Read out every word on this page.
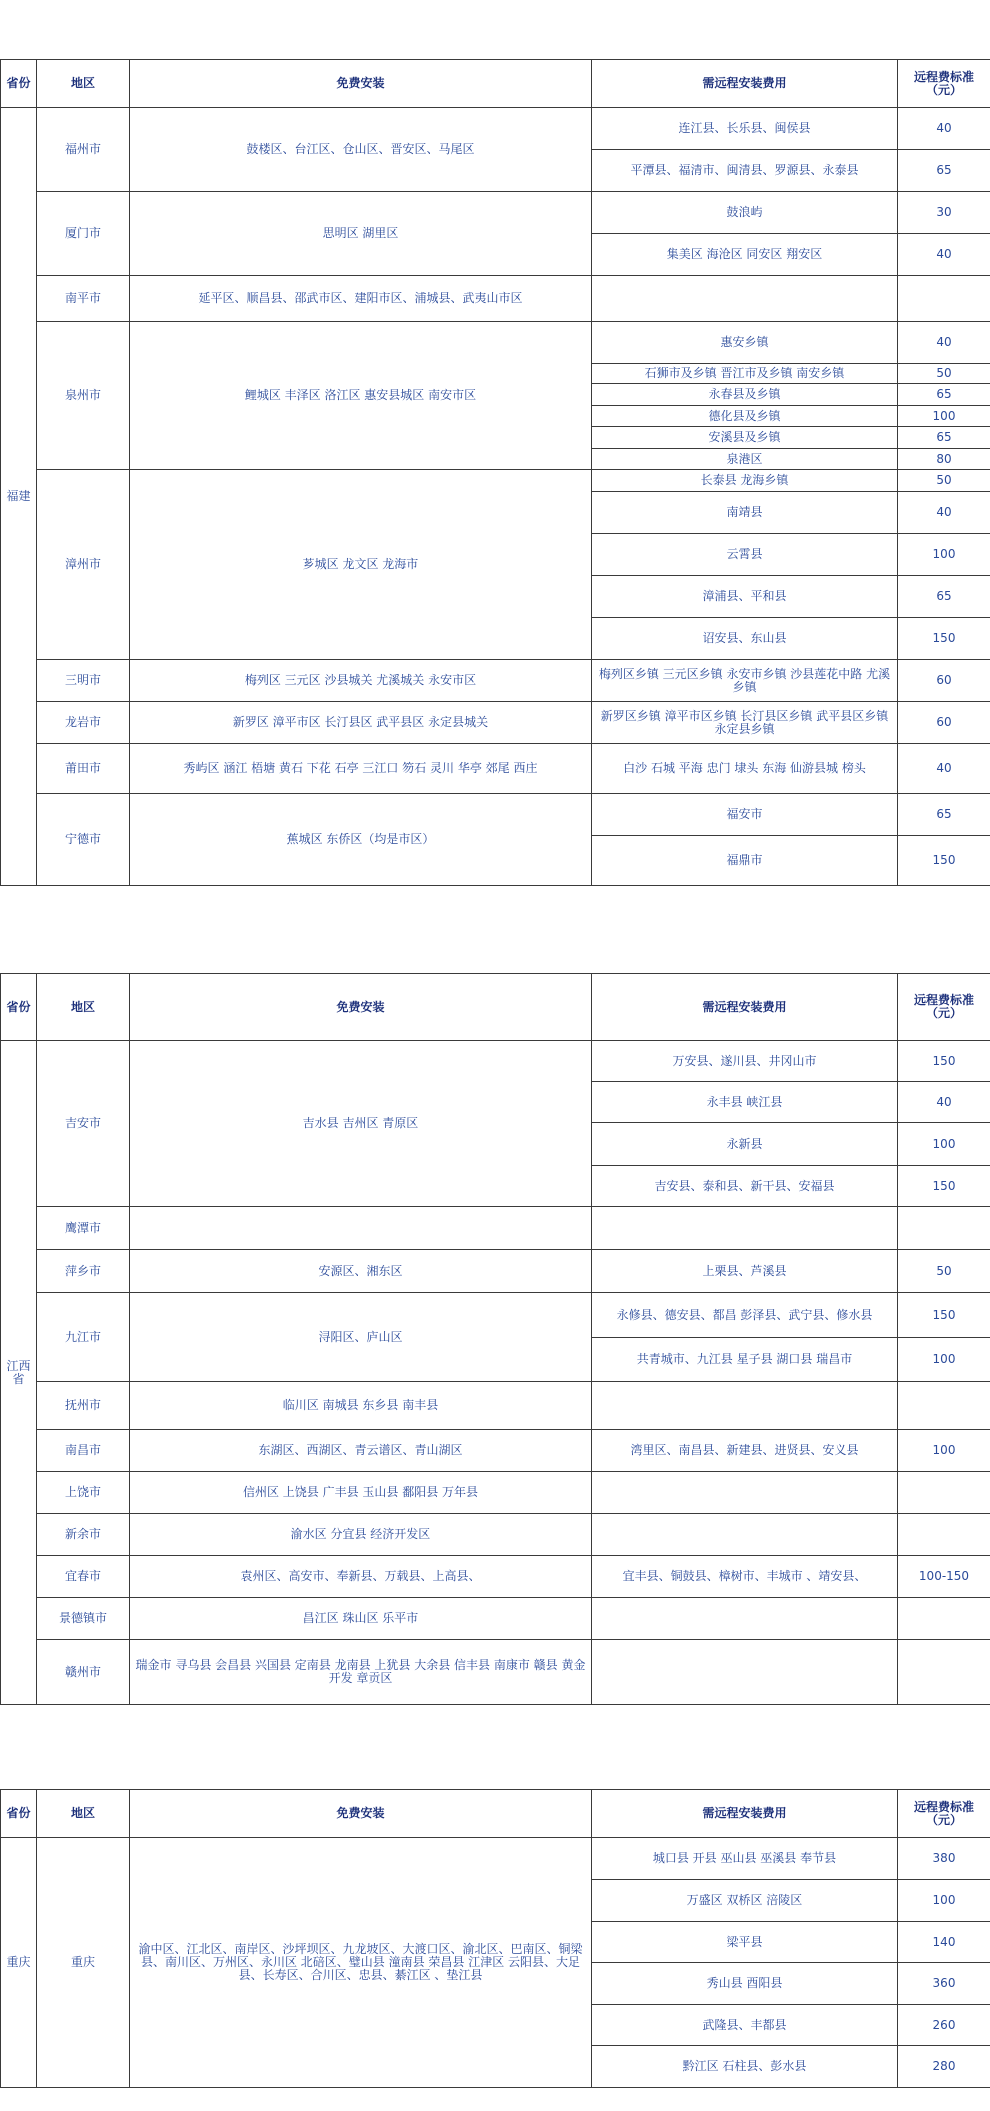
省份	地区	免费安装	需远程安装费用	远程费标准
（元）

福建	福州市	鼓楼区、台江区、仓山区、晋安区、马尾区	连江县、长乐县、闽侯县	40
			平潭县、福清市、闽清县、罗源县、永泰县	65
	厦门市	思明区 湖里区	鼓浪屿	30
			集美区 海沧区 同安区 翔安区	40
	南平市	延平区、顺昌县、邵武市区、建阳市区、浦城县、武夷山市区		
	泉州市	鲤城区 丰泽区 洛江区 惠安县城区 南安市区	惠安乡镇	40
			石狮市及乡镇 晋江市及乡镇 南安乡镇	50
			永春县及乡镇	65
			德化县及乡镇	100
			安溪县及乡镇	65
			泉港区	80
	漳州市	芗城区 龙文区 龙海市	长泰县 龙海乡镇	50
			南靖县	40
			云霄县	100
			漳浦县、平和县	65
			诏安县、东山县	150
	三明市	梅列区 三元区 沙县城关 尤溪城关 永安市区	梅列区乡镇 三元区乡镇 永安市乡镇 沙县莲花中路 尤溪乡镇	60
	龙岩市	新罗区 漳平市区 长汀县区 武平县区 永定县城关	新罗区乡镇 漳平市区乡镇 长汀县区乡镇 武平县区乡镇 永定县乡镇	60
	莆田市	秀屿区 涵江 梧塘 黄石 下花 石亭 三江口 笏石 灵川 华亭 郊尾 西庄	白沙 石城 平海 忠门 埭头 东海 仙游县城 榜头	40
	宁德市	蕉城区 东侨区（均是市区）	福安市	65
			福鼎市	150
省份	地区	免费安装	需远程安装费用	远程费标准
（元）

江西省	吉安市	吉水县 吉州区 青原区	万安县、遂川县、井冈山市	150
			永丰县 峡江县	40
			永新县	100
			吉安县、泰和县、新干县、安福县	150
	鹰潭市			
	萍乡市	安源区、湘东区	上栗县、芦溪县	50
	九江市	浔阳区、庐山区	永修县、德安县、都昌 彭泽县、武宁县、修水县	150
			共青城市、九江县 星子县 湖口县 瑞昌市	100
	抚州市	临川区 南城县 东乡县 南丰县		
	南昌市	东湖区、西湖区、青云谱区、青山湖区	湾里区、南昌县、新建县、进贤县、安义县	100
	上饶市	信州区 上饶县 广丰县 玉山县 鄱阳县 万年县		
	新余市	渝水区 分宜县 经济开发区		
	宜春市	袁州区、高安市、奉新县、万载县、上高县、	宜丰县、铜鼓县、樟树市、丰城市 、靖安县、	100-150
	景德镇市	昌江区 珠山区 乐平市		
	赣州市	瑞金市 寻乌县 会昌县 兴国县 定南县 龙南县 上犹县 大余县 信丰县 南康市 赣县 黄金开发 章贡区		
省份	地区	免费安装	需远程安装费用	远程费标准
（元）

重庆	重庆	渝中区、江北区、南岸区、沙坪坝区、九龙坡区、大渡口区、渝北区、巴南区、铜梁县、南川区、万州区、永川区 北碚区、璧山县 潼南县 荣昌县 江津区 云阳县、大足县、长寿区、合川区、忠县、綦江区 、垫江县	城口县 开县 巫山县 巫溪县 奉节县	380
			万盛区 双桥区 涪陵区	100
			梁平县	140
			秀山县 酉阳县	360
			武隆县、丰都县	260
			黔江区 石柱县、彭水县	280
